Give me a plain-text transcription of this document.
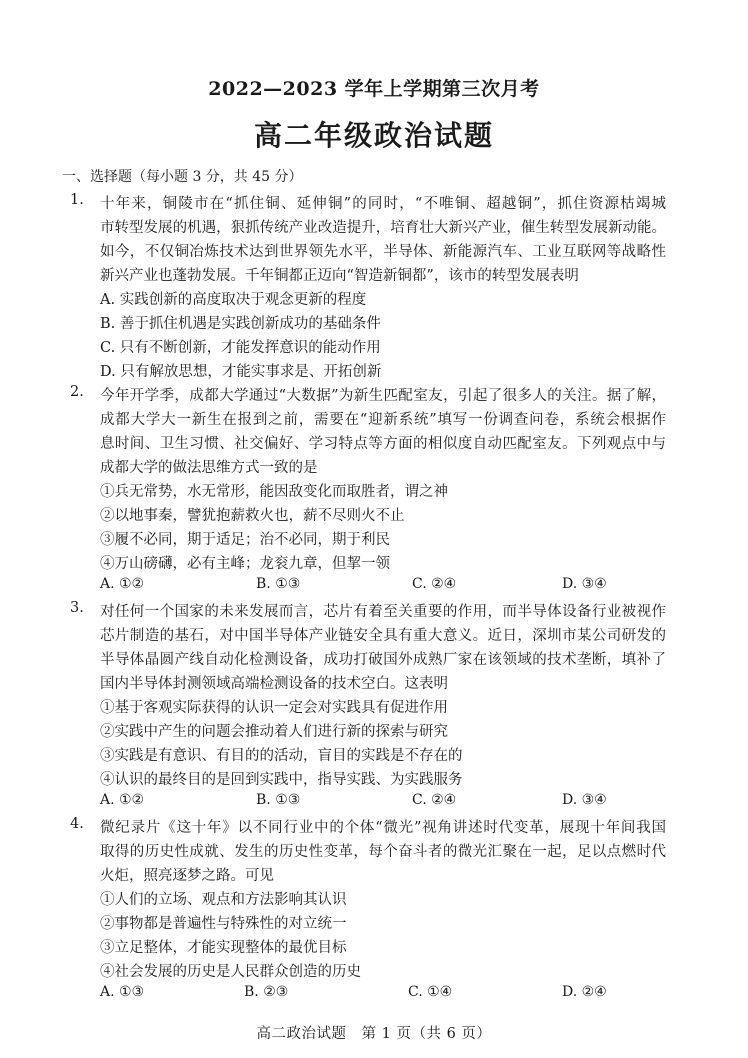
2022—2023 学年上学期第三次月考
高二年级政治试题
一、选择题（每小题 3 分，共 45 分）
1. 十年来，铜陵市在“抓住铜、延伸铜”的同时，“不唯铜、超越铜”，抓住资源枯竭城
市转型发展的机遇，狠抓传统产业改造提升，培育壮大新兴产业，催生转型发展新动能。
如今，不仅铜冶炼技术达到世界领先水平，半导体、新能源汽车、工业互联网等战略性
新兴产业也蓬勃发展。千年铜都正迈向“智造新铜都”，该市的转型发展表明
A. 实践创新的高度取决于观念更新的程度
B. 善于抓住机遇是实践创新成功的基础条件
C. 只有不断创新，才能发挥意识的能动作用
D. 只有解放思想，才能实事求是、开拓创新
2. 今年开学季，成都大学通过“大数据”为新生匹配室友，引起了很多人的关注。据了解，
成都大学大一新生在报到之前，需要在“迎新系统”填写一份调查问卷，系统会根据作
息时间、卫生习惯、社交偏好、学习特点等方面的相似度自动匹配室友。下列观点中与
成都大学的做法思维方式一致的是
①兵无常势，水无常形，能因敌变化而取胜者，谓之神
②以地事秦，譬犹抱薪救火也，薪不尽则火不止
③履不必同，期于适足；治不必同，期于利民
④万山磅礴，必有主峰；龙衮九章，但挈一领
A. ①②	B. ①③	C. ②④	D. ③④
3. 对任何一个国家的未来发展而言，芯片有着至关重要的作用，而半导体设备行业被视作
芯片制造的基石，对中国半导体产业链安全具有重大意义。近日，深圳市某公司研发的
半导体晶圆产线自动化检测设备，成功打破国外成熟厂家在该领域的技术垄断，填补了
国内半导体封测领域高端检测设备的技术空白。这表明
①基于客观实际获得的认识一定会对实践具有促进作用
②实践中产生的问题会推动着人们进行新的探索与研究
③实践是有意识、有目的的活动，盲目的实践是不存在的
④认识的最终目的是回到实践中，指导实践、为实践服务
A. ①②	B. ①③	C. ②④	D. ③④
4. 微纪录片《这十年》以不同行业中的个体“微光”视角讲述时代变革，展现十年间我国
取得的历史性成就、发生的历史性变革，每个奋斗者的微光汇聚在一起，足以点燃时代
火炬，照亮逐梦之路。可见
①人们的立场、观点和方法影响其认识
②事物都是普遍性与特殊性的对立统一
③立足整体，才能实现整体的最优目标
④社会发展的历史是人民群众创造的历史
A. ①③	B. ②③	C. ①④	D. ②④
高二政治试题　第 1 页（共 6 页）
